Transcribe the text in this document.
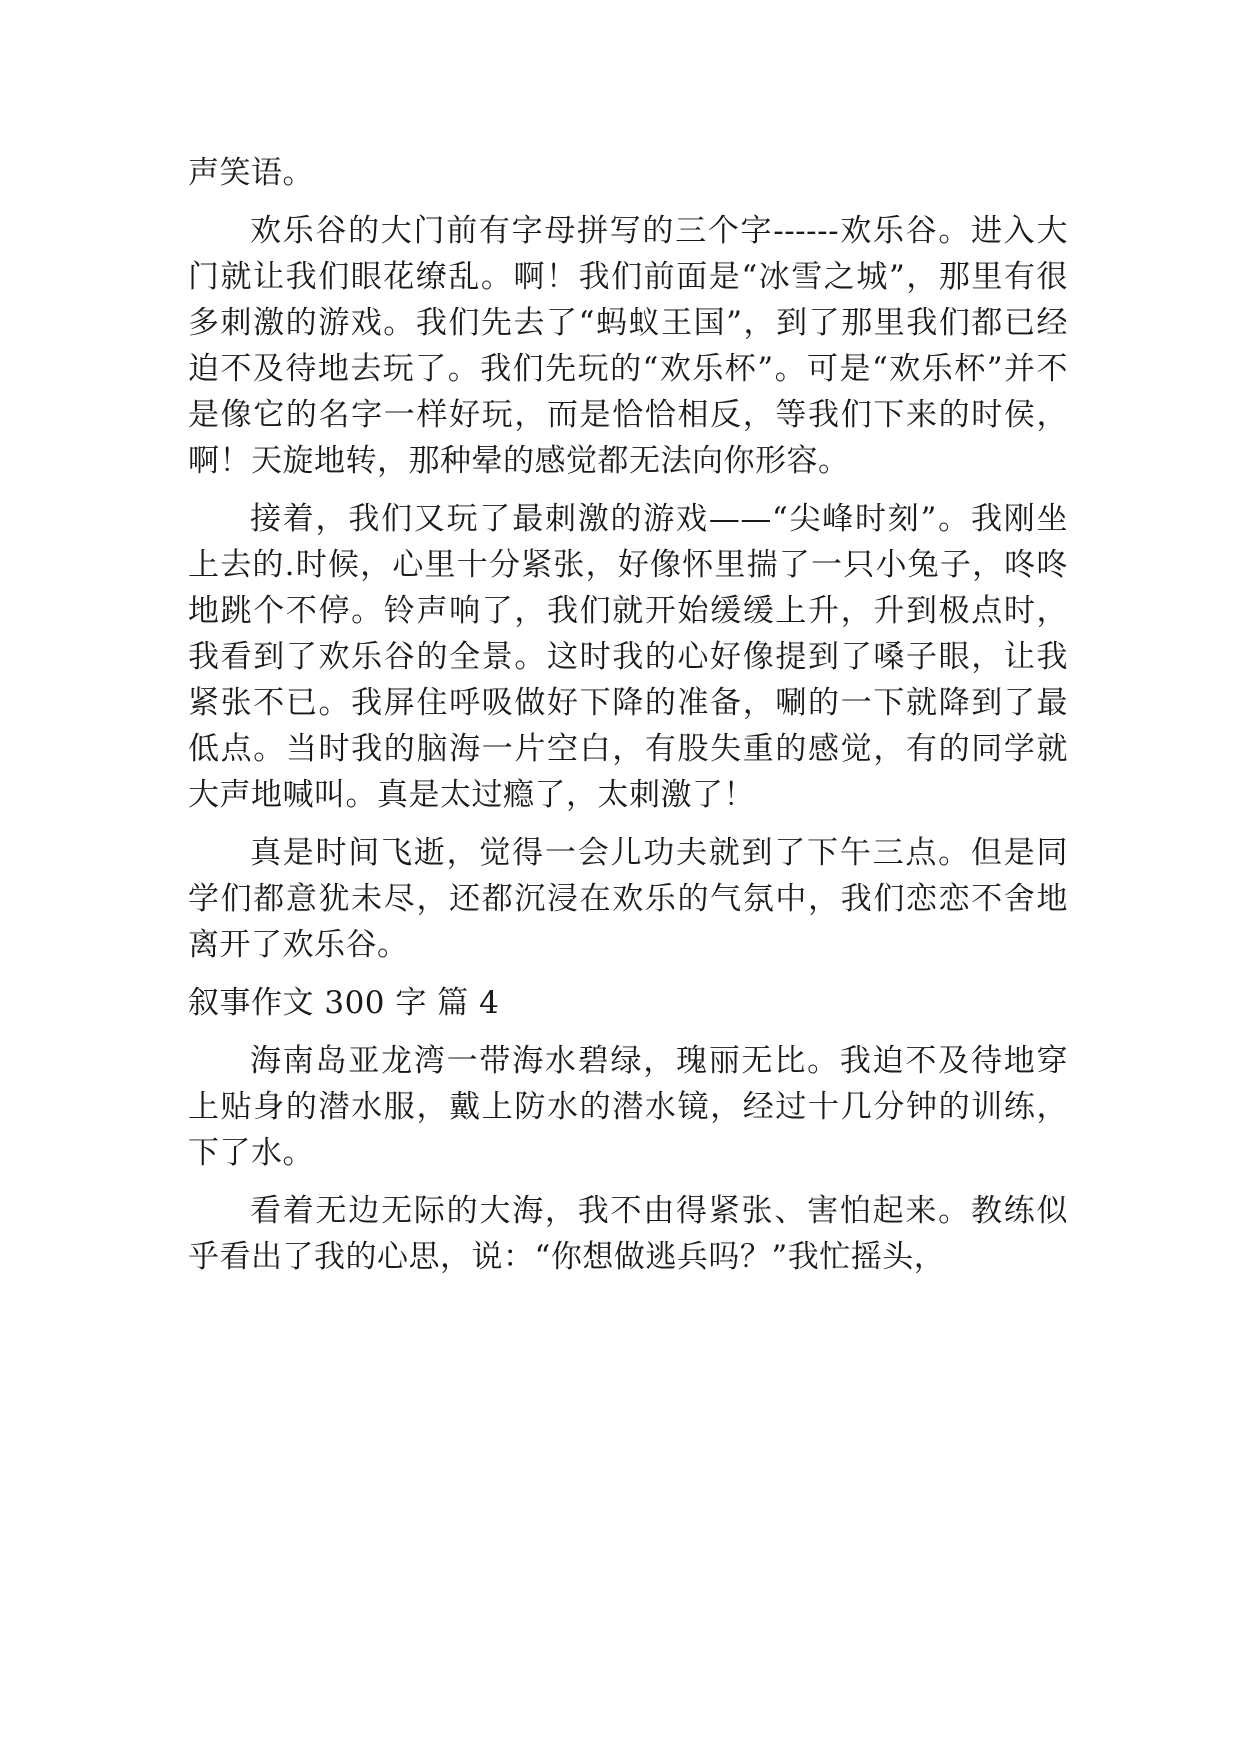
声笑语。

欢乐谷的大门前有字母拼写的三个字------欢乐谷。进入大门就让我们眼花缭乱。啊！我们前面是“冰雪之城”，那里有很多刺激的游戏。我们先去了“蚂蚁王国”，到了那里我们都已经迫不及待地去玩了。我们先玩的“欢乐杯”。可是“欢乐杯”并不是像它的名字一样好玩，而是恰恰相反，等我们下来的时侯，啊！天旋地转，那种晕的感觉都无法向你形容。

接着，我们又玩了最刺激的游戏——“尖峰时刻”。我刚坐上去的.时候，心里十分紧张，好像怀里揣了一只小兔子，咚咚地跳个不停。铃声响了，我们就开始缓缓上升，升到极点时，我看到了欢乐谷的全景。这时我的心好像提到了嗓子眼，让我紧张不已。我屏住呼吸做好下降的准备，唰的一下就降到了最低点。当时我的脑海一片空白，有股失重的感觉，有的同学就大声地喊叫。真是太过瘾了，太刺激了！

真是时间飞逝，觉得一会儿功夫就到了下午三点。但是同学们都意犹未尽，还都沉浸在欢乐的气氛中，我们恋恋不舍地离开了欢乐谷。

叙事作文 300 字 篇 4

海南岛亚龙湾一带海水碧绿，瑰丽无比。我迫不及待地穿上贴身的潜水服，戴上防水的潜水镜，经过十几分钟的训练，下了水。

看着无边无际的大海，我不由得紧张、害怕起来。教练似乎看出了我的心思，说：“你想做逃兵吗？”我忙摇头，
